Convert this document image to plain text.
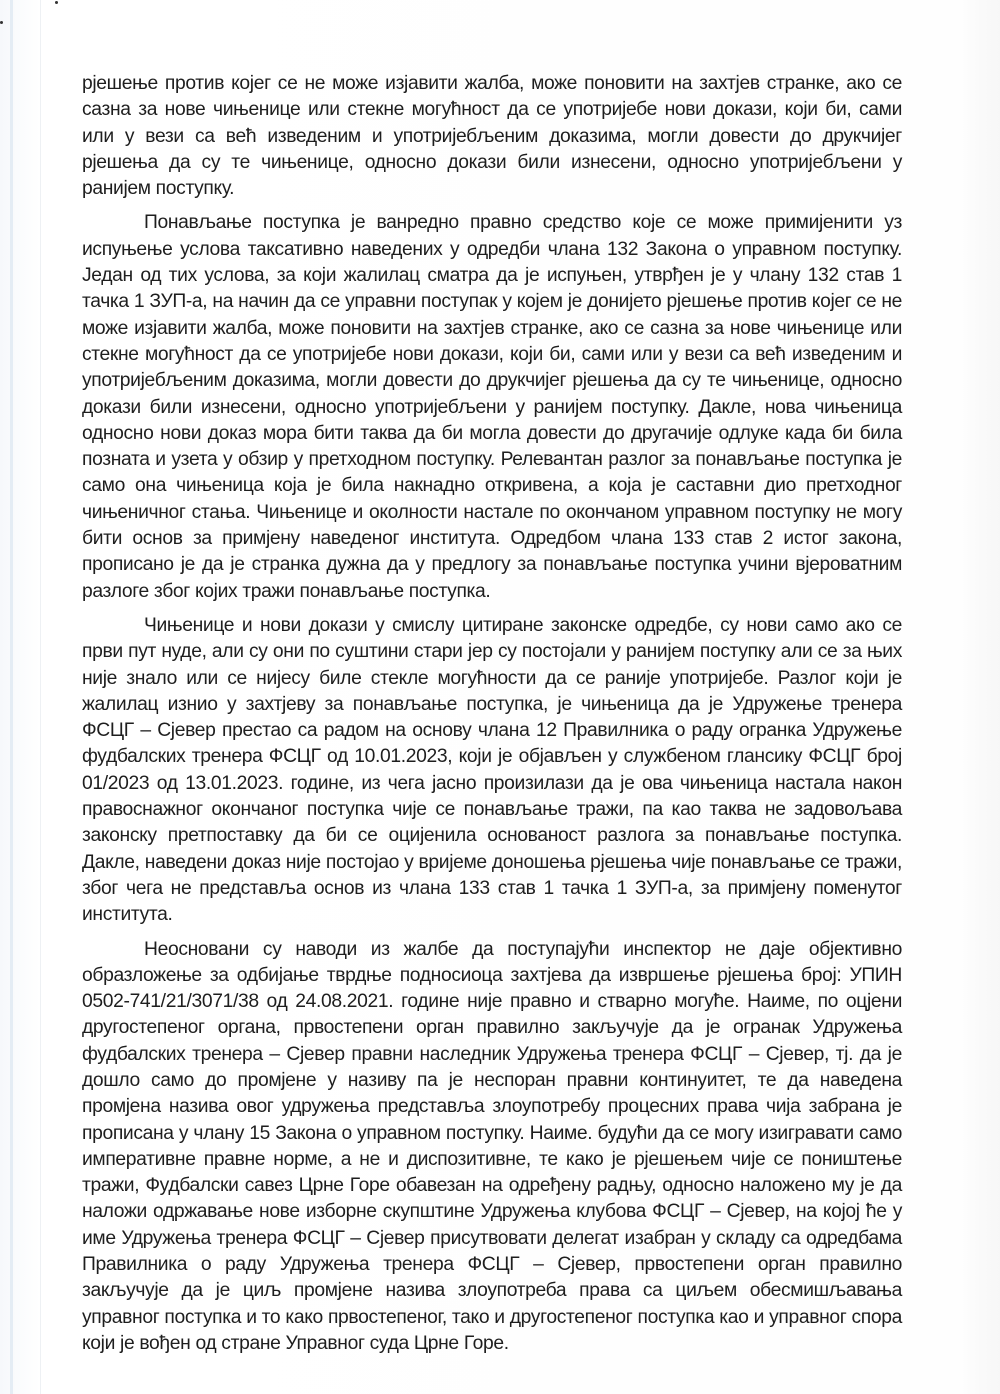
рјешење против којег се не може изјавити жалба, може поновити на захтјев странке, ако се сазна за нове чињенице или стекне могућност да се употријебе нови докази, који би, сами или у вези са већ изведеним и употријебљеним доказима, могли довести до друкчијег рјешења да су те чињенице, односно докази били изнесени, односно употријебљени у ранијем поступку.

Понављање поступка је ванредно правно средство које се може примијенити уз испуњење услова таксативно наведених у одредби члана 132 Закона о управном поступку. Један од тих услова, за који жалилац сматра да је испуњен, утврђен је у члану 132 став 1 тачка 1 ЗУП-а, на начин да се управни поступак у којем је донијето рјешење против којег се не може изјавити жалба, може поновити на захтјев странке, ако се сазна за нове чињенице или стекне могућност да се употријебе нови докази, који би, сами или у вези са већ изведеним и употријебљеним доказима, могли довести до друкчијег рјешења да су те чињенице, односно докази били изнесени, односно употријебљени у ранијем поступку. Дакле, нова чињеница односно нови доказ мора бити таква да би могла довести до другачије одлуке када би била позната и узета у обзир у претходном поступку. Релевантан разлог за понављање поступка је само она чињеница која је била накнадно откривена, а која је саставни дио претходног чињеничног стања. Чињенице и околности настале по окончаном управном поступку не могу бити основ за примјену наведеног института. Одредбом члана 133 став 2 истог закона, прописано је да је странка дужна да у предлогу за понављање поступка учини вјероватним разлоге због којих тражи понављање поступка.

Чињенице и нови докази у смислу цитиране законске одредбе, су нови само ако се први пут нуде, али су они по суштини стари јер су постојали у ранијем поступку али се за њих није знало или се нијесу биле стекле могућности да се раније употријебе. Разлог који је жалилац изнио у захтјеву за понављање поступка, је чињеница да је Удружење тренера ФСЦГ – Сјевер престао са радом на основу члана 12 Правилника о раду огранка Удружење фудбалских тренера ФСЦГ од 10.01.2023, који је објављен у службеном глансику ФСЦГ број 01/2023 од 13.01.2023. године, из чега јасно произилази да је ова чињеница настала након правоснажног окончаног поступка чије се понављање тражи, па као таква не задовољава законску претпоставку да би се оцијенила основаност разлога за понављање поступка. Дакле, наведени доказ није постојао у вријеме доношења рјешења чије понављање се тражи, због чега не представља основ из члана 133 став 1 тачка 1 ЗУП-а, за примјену поменутог института.

Неосновани су наводи из жалбе да поступајући инспектор не даје објективно образложење за одбијање тврдње подносиоца захтјева да извршење рјешења број: УПИН 0502-741/21/3071/38 од 24.08.2021. године није правно и стварно могуће. Наиме, по оцјени другостепеног органа, првостепени орган правилно закључује да је огранак Удружења фудбалских тренера – Сјевер правни наследник Удружења тренера ФСЦГ – Сјевер, тј. да је дошло само до промјене у називу па је неспоран правни континуитет, те да наведена промјена назива овог удружења представља злоупотребу процесних права чија забрана је прописана у члану 15 Закона о управном поступку. Наиме. будући да се могу изигравати само императивне правне норме, а не и диспозитивне, те како је рјешењем чије се поништење тражи, Фудбалски савез Црне Горе обавезан на одређену радњу, односно наложено му је да наложи одржавање нове изборне скупштине Удружења клубова ФСЦГ – Сјевер, на којој ће у име Удружења тренера ФСЦГ – Сјевер присутвовати делегат изабран у складу са одредбама Правилника о раду Удружења тренера ФСЦГ – Сјевер, првостепени орган правилно закључује да је циљ промјене назива злоупотреба права са циљем обесмишљавања управног поступка и то како првостепеног, тако и другостепеног поступка као и управног спора који је вођен од стране Управног суда Црне Горе.
